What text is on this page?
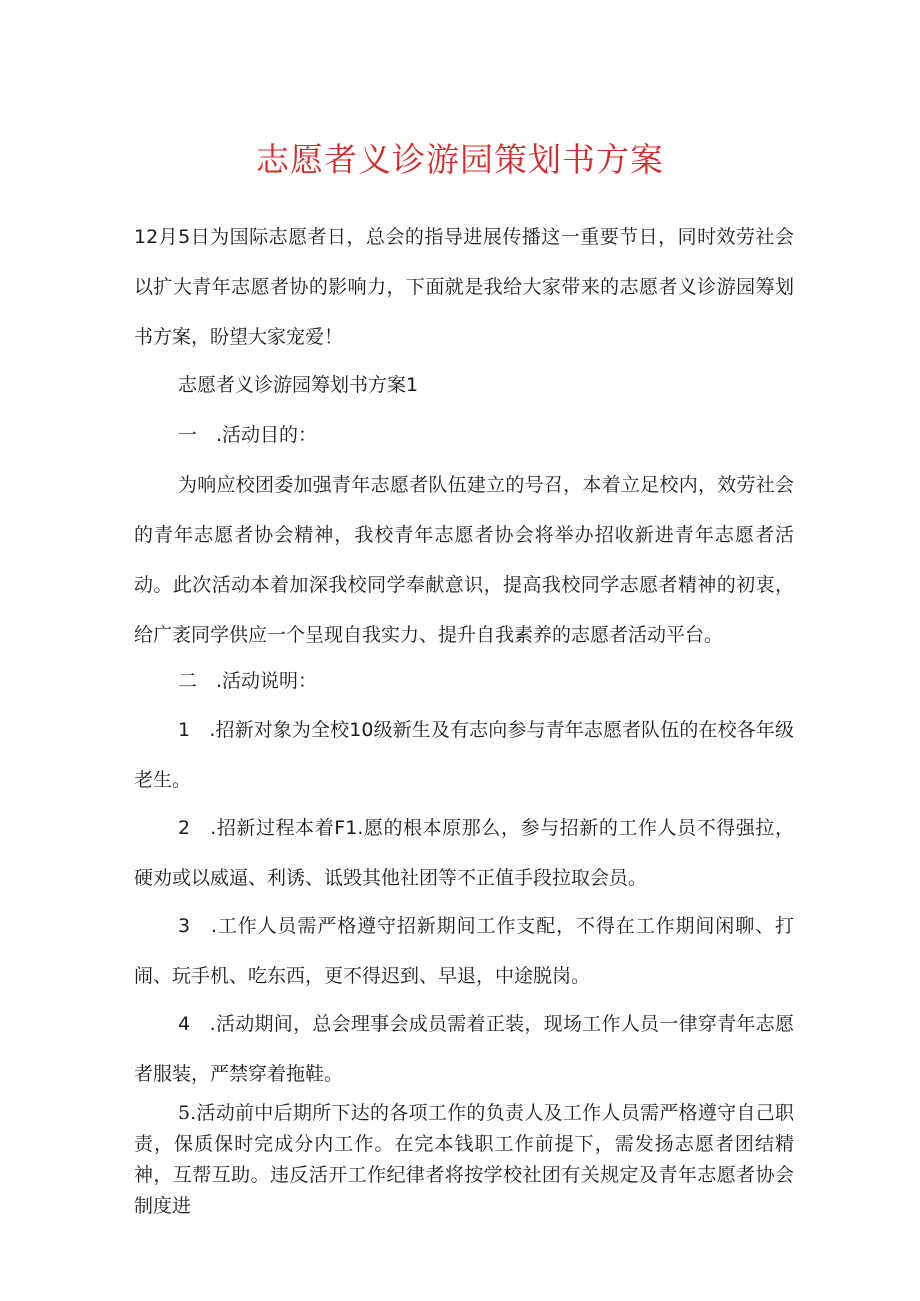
志愿者义诊游园策划书方案

12月5日为国际志愿者日，总会的指导进展传播这一重要节日，同时效劳社会以扩大青年志愿者协的影响力，下面就是我给大家带来的志愿者义诊游园筹划书方案，盼望大家宠爱！

志愿者义诊游园筹划书方案1

一　.活动目的：

为响应校团委加强青年志愿者队伍建立的号召，本着立足校内，效劳社会的青年志愿者协会精神，我校青年志愿者协会将举办招收新进青年志愿者活动。此次活动本着加深我校同学奉献意识，提高我校同学志愿者精神的初衷，给广袤同学供应一个呈现自我实力、提升自我素养的志愿者活动平台。

二　.活动说明：

1　.招新对象为全校10级新生及有志向参与青年志愿者队伍的在校各年级老生。

2　.招新过程本着F1.愿的根本原那么，参与招新的工作人员不得强拉，硬劝或以威逼、利诱、诋毁其他社团等不正值手段拉取会员。

3　.工作人员需严格遵守招新期间工作支配，不得在工作期间闲聊、打闹、玩手机、吃东西，更不得迟到、早退，中途脱岗。

4　.活动期间，总会理事会成员需着正装，现场工作人员一律穿青年志愿者服装，严禁穿着拖鞋。

5.活动前中后期所下达的各项工作的负责人及工作人员需严格遵守自己职责，保质保时完成分内工作。在完本钱职工作前提下，需发扬志愿者团结精神，互帮互助。违反活开工作纪律者将按学校社团有关规定及青年志愿者协会制度进
